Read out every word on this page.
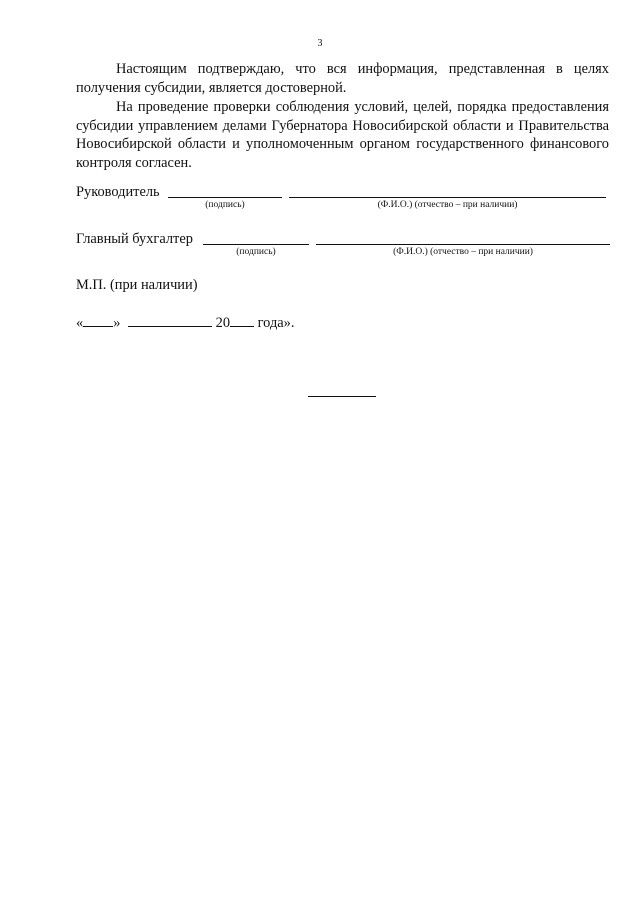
3

Настоящим подтверждаю, что вся информация, представленная в целях получения субсидии, является достоверной.

На проведение проверки соблюдения условий, целей, порядка предоставления субсидии управлением делами Губернатора Новосибирской области и Правительства Новосибирской области и уполномоченным органом государственного финансового контроля согласен.

Руководитель
(подпись)	(Ф.И.О.) (отчество – при наличии)
Главный бухгалтер
(подпись)	(Ф.И.О.) (отчество – при наличии)
М.П. (при наличии)
« »	20 года».
